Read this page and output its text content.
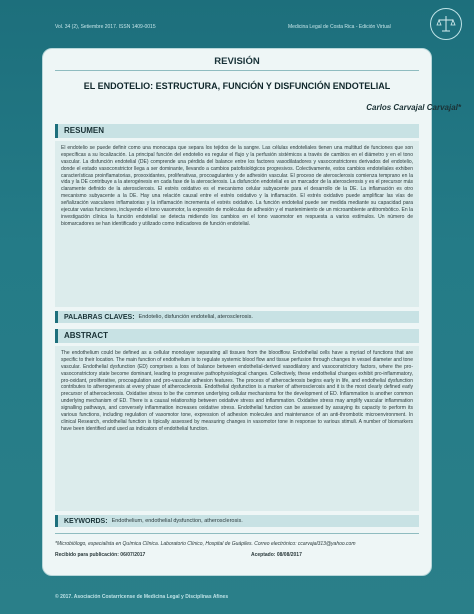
Vol. 34 (2), Setiembre 2017. ISSN 1409-0015	Medicina Legal de Costa Rica - Edición Virtual
REVISIÓN
EL ENDOTELIO: ESTRUCTURA, FUNCIÓN Y DISFUNCIÓN ENDOTELIAL
Carlos Carvajal Carvajal*
RESUMEN

El endotelio se puede definir como una monocapa que separa los tejidos de la sangre. Las células endoteliales tienen una multitud de funciones que son específicas a su localización. La principal función del endotelio es regular el flujo y la perfusión sistémicos a través de cambios en el diámetro y en el tono vascular. La disfunción endotelial (DE) comprende una pérdida del balance entre los factores vasodilatadores y vasoconstrictores derivados del endotelio, donde el estado vasoconstrictor llega a ser dominante, llevando a cambios patofisiológicos progresivos. Colectivamente, estos cambios endoteliales exhiben características proinflamatorias, proxoxidantes, proliferativas, procoagulantes y de adhesión vascular. El proceso de aterosclerosis comienza temprano en la vida y la DE contribuye a la aterogénesis en cada fase de la aterosclerosis. La disfunción endotelial es un marcador de la aterosclerosis y es el precursor más claramente definido de la aterosclerosis. El estrés oxidativo es el mecanismo celular subyacente para el desarrollo de la DE. La inflamación es otro mecanismo subyacente a la DE. Hay una relación causal entre el estrés oxidativo y la inflamación. El estrés oxidativo puede amplificar las vías de señalización vasculares inflamatorias y la inflamación incrementa el estrés oxidativo. La función endotelial puede ser medida mediante su capacidad para ejecutar varias funciones, incluyendo el tono vasomotor, la expresión de moléculas de adhesión y el mantenimiento de un microambiente antitrombótico. En la investigación clínica la función endotelial se detecta midiendo los cambios en el tono vasomotor en respuesta a varios estímulos. Un número de biomarcadores se han identificado y utilizado como indicadores de función endotelial.

PALABRAS CLAVES: Endotelio, disfunción endotelial, aterosclerosis.
ABSTRACT

The endothelium could be defined as a cellular monolayer separating all tissues from the bloodflow. Endothelial cells have a myriad of functions that are specific to their location. The main function of endothelium is to regulate systemic blood flow and tissue perfusion through changes in vessel diameter and tone vascular. Endothelial dysfunction (ED) comprises a loss of balance between endothelial-derived vasodilatory and vasoconstrictory factors, where the pro-vasoconstrictory state become dominant, leading to progressive pathophysiological changes. Collectively, these endothelial changes exhibit pro-inflammatory, pro-oxidant, proliferative, procoagulation and pro-vascular adhesion features. The process of atherosclerosis begins early in life, and endothelial dysfunction contributes to atherogenesis at every phase of atherosclerosis. Endothelial dysfunction is a marker of atherosclerosis and it is the most clearly defined early precursor of atherosclerosis. Oxidative stress to be the common underlying cellular mechanisms for the development of ED. Inflammation is another common underlying mechanism of ED. There is a causal relationship between oxidative stress and inflammation. Oxidative stress may amplify vascular inflammation signalling pathways, and conversely inflammation increases oxidative stress. Endothelial function can be assessed by assaying its capacity to perform its various functions, including regulation of vasomotor tone, expression of adhesion molecules and maintenance of an anti-thrombotic microenvironment. In clinical Research, endothelial function is tipically assessed by measuring changes in vasomotor tone in response to various stimuli. A number of biomarkers have been identified and used as indicators of endothelial function.

KEYWORDS: Endothelium, endothelial dysfunction, atherosclerosis.
*Microbiólogo, especialista en Química Clínica. Laboratorio Clínico, Hospital de Guápiles. Correo electrónico: ccarvajal313@yahoo.com
Recibido para publicación: 06/07/2017	Aceptado: 08/08/2017
© 2017. Asociación Costarricense de Medicina Legal y Disciplinas Afines
